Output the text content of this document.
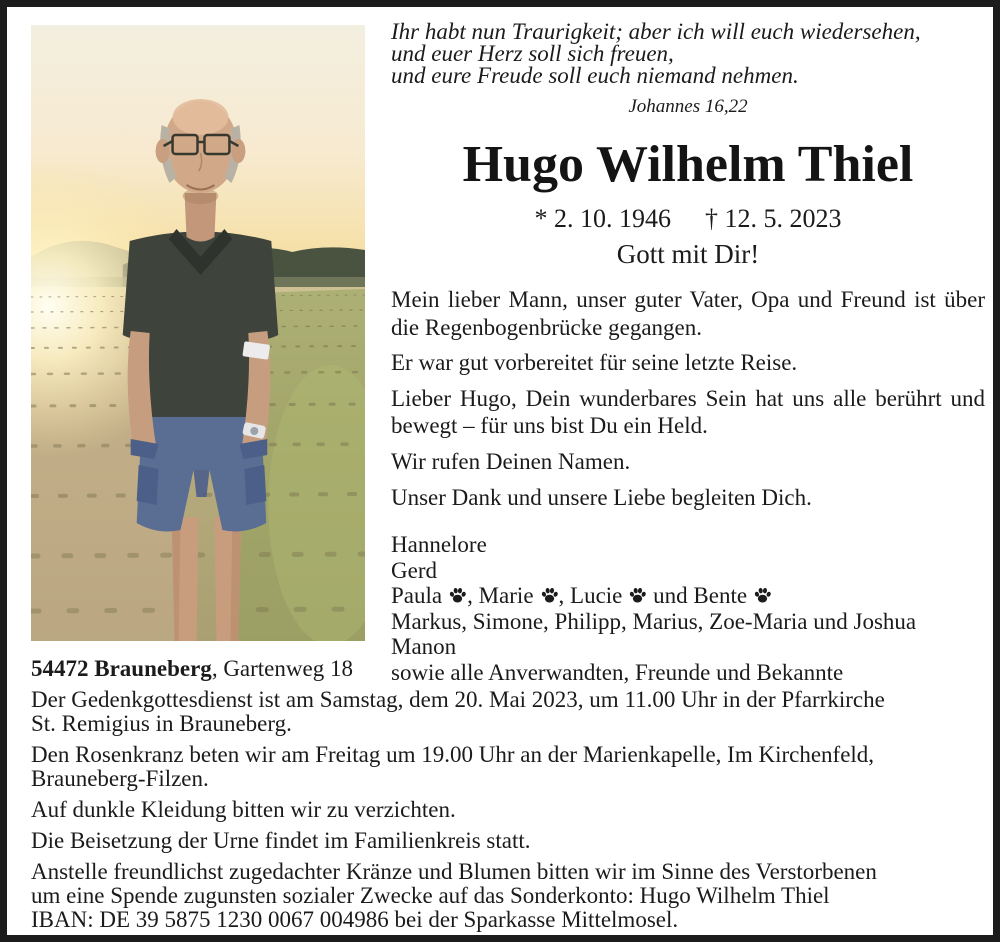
Ihr habt nun Traurigkeit; aber ich will euch wiedersehen,
und euer Herz soll sich freuen,
und eure Freude soll euch niemand nehmen.
Johannes 16,22
Hugo Wilhelm Thiel
* 2. 10. 1946 † 12. 5. 2023
Gott mit Dir!

Mein lieber Mann, unser guter Vater, Opa und Freund ist über die Regenbogenbrücke gegangen.

Er war gut vorbereitet für seine letzte Reise.

Lieber Hugo, Dein wunderbares Sein hat uns alle berührt und bewegt – für uns bist Du ein Held.

Wir rufen Deinen Namen.

Unser Dank und unsere Liebe begleiten Dich.

Hannelore
Gerd
Paula , Marie , Lucie und Bente
Markus, Simone, Philipp, Marius, Zoe-Maria und Joshua
Manon
sowie alle Anverwandten, Freunde und Bekannte

54472 Brauneberg, Gartenweg 18

Der Gedenkgottesdienst ist am Samstag, dem 20. Mai 2023, um 11.00 Uhr in der Pfarrkirche
St. Remigius in Brauneberg.

Den Rosenkranz beten wir am Freitag um 19.00 Uhr an der Marienkapelle, Im Kirchenfeld,
Brauneberg-Filzen.

Auf dunkle Kleidung bitten wir zu verzichten.

Die Beisetzung der Urne findet im Familienkreis statt.

Anstelle freundlichst zugedachter Kränze und Blumen bitten wir im Sinne des Verstorbenen
um eine Spende zugunsten sozialer Zwecke auf das Sonderkonto: Hugo Wilhelm Thiel
IBAN: DE 39 5875 1230 0067 004986 bei der Sparkasse Mittelmosel.
